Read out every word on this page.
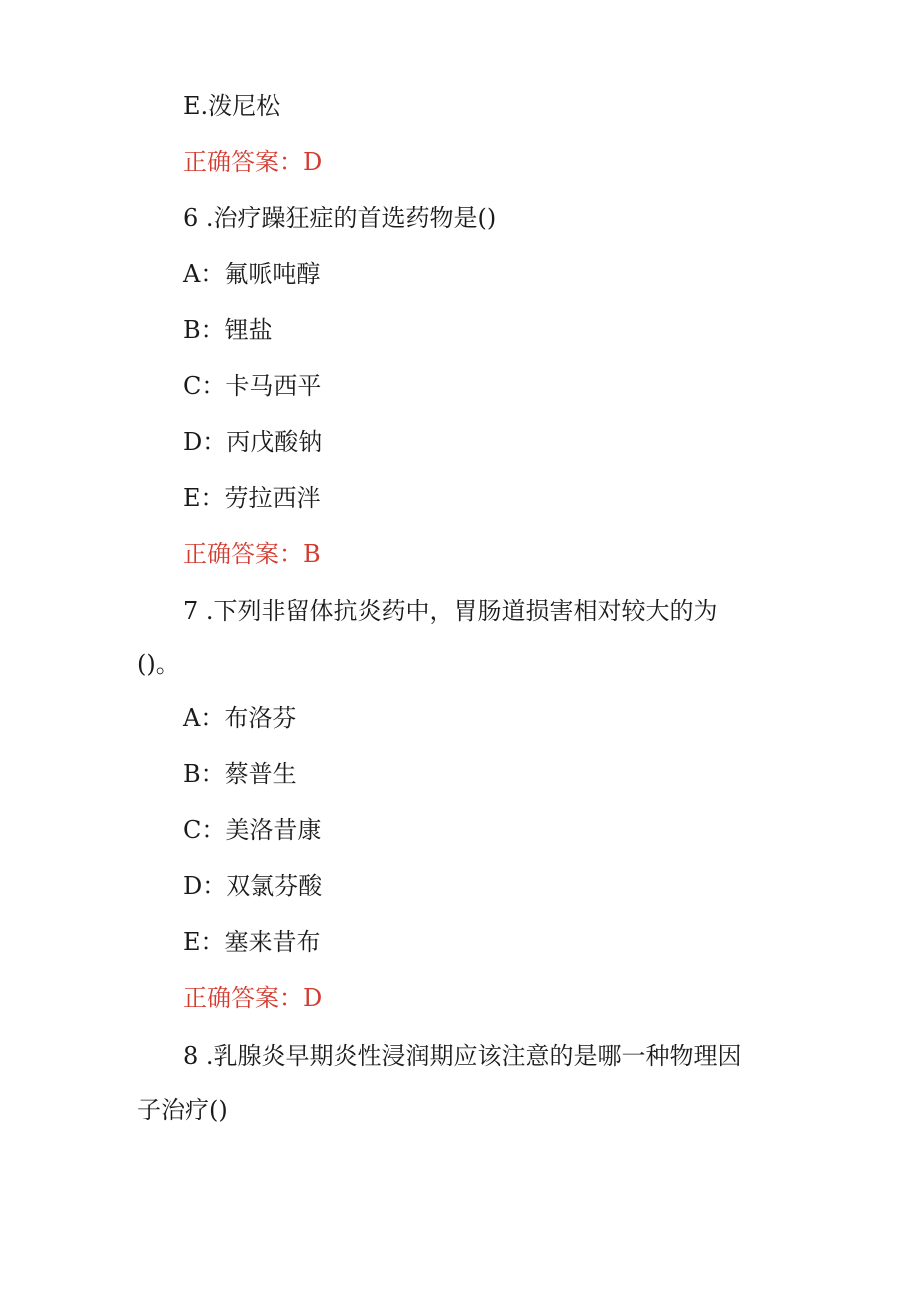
E.泼尼松
正确答案：D
6 .治疗躁狂症的首选药物是()
A：氟哌吨醇
B：锂盐
C：卡马西平
D：丙戊酸钠
E：劳拉西泮
正确答案：B
7 .下列非留体抗炎药中，胃肠道损害相对较大的为
()。
A：布洛芬
B：蔡普生
C：美洛昔康
D：双氯芬酸
E：塞来昔布
正确答案：D
8 .乳腺炎早期炎性浸润期应该注意的是哪一种物理因
子治疗()
